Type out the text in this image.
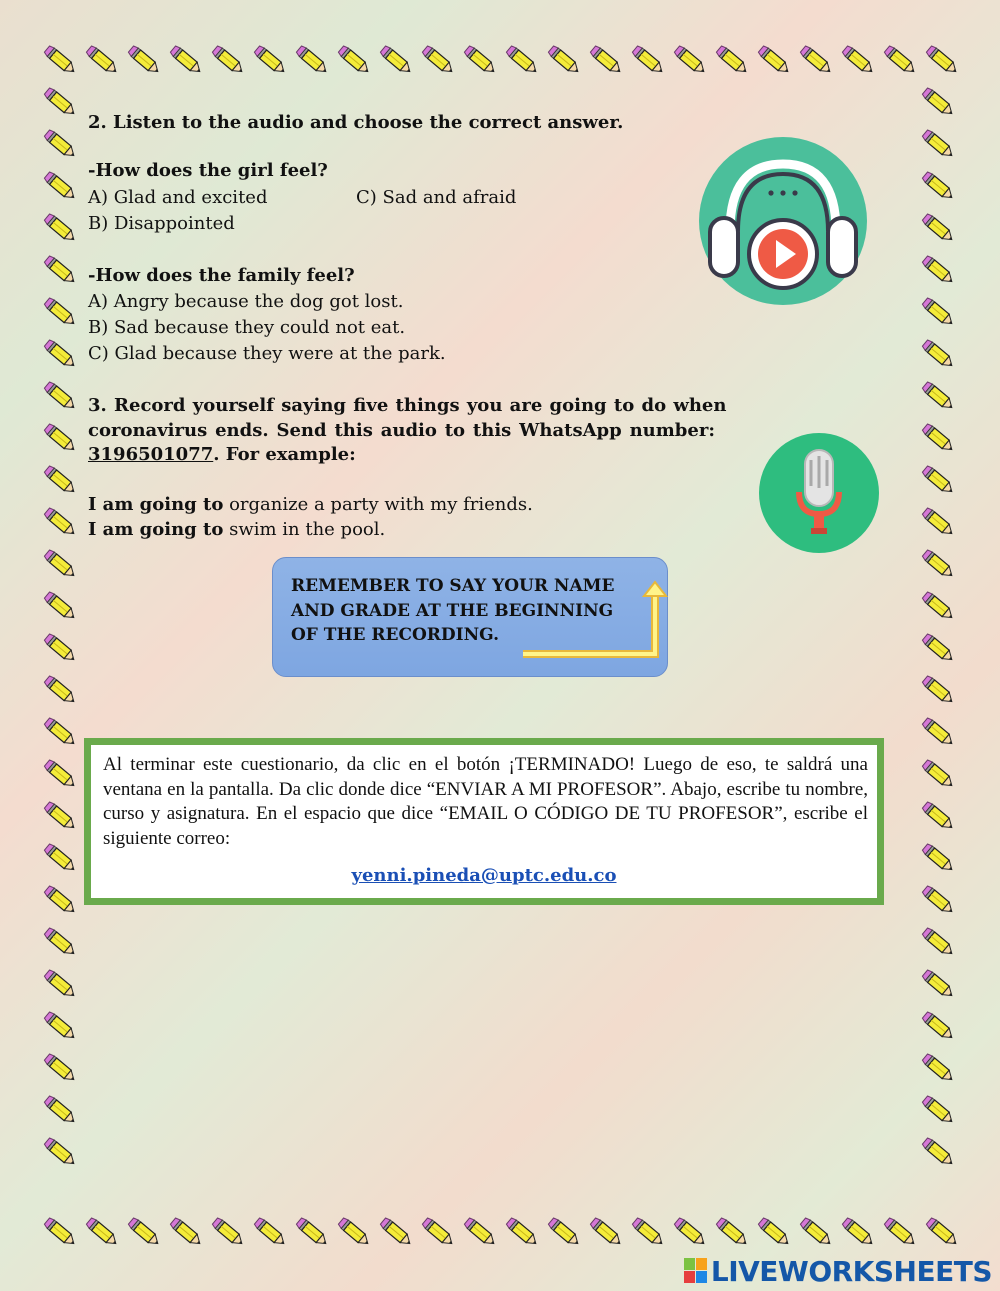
2. Listen to the audio and choose the correct answer.
-How does the girl feel?
A) Glad and excited	C) Sad and afraid
B) Disappointed
-How does the family feel?
A) Angry because the dog got lost.
B) Sad because they could not eat.
C) Glad because they were at the park.
3. Record yourself saying five things you are going to do when
coronavirus ends. Send this audio to this WhatsApp number:
3196501077. For example:
I am going to organize a party with my friends.
I am going to swim in the pool.
REMEMBER TO SAY YOUR NAME
AND GRADE AT THE BEGINNING
OF THE RECORDING.
Al terminar este cuestionario, da clic en el botón ¡TERMINADO! Luego de eso, te saldrá una ventana en la pantalla. Da clic donde dice “ENVIAR A MI PROFESOR”. Abajo, escribe tu nombre, curso y asignatura. En el espacio que dice “EMAIL O CÓDIGO DE TU PROFESOR”, escribe el siguiente correo:
yenni.pineda@uptc.edu.co
LIVEWORKSHEETS
